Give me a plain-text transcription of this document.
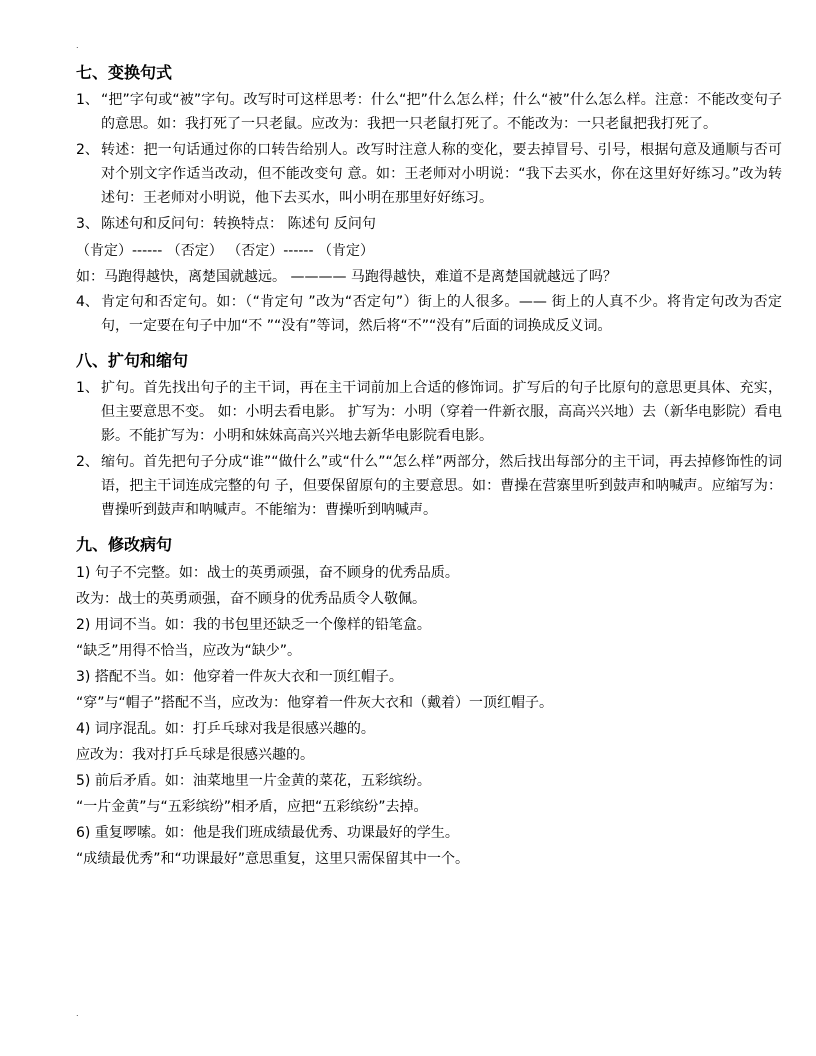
.
七、变换句式
1、 “把”字句或“被”字句。改写时可这样思考：什么“把”什么怎么样；什么“被”什么怎么样。注意：不能改变句子的意思。如：我打死了一只老鼠。应改为：我把一只老鼠打死了。不能改为：一只老鼠把我打死了。
2、 转述：把一句话通过你的口转告给别人。改写时注意人称的变化，要去掉冒号、引号，根据句意及通顺与否可对个别文字作适当改动，但不能改变句 意。如：王老师对小明说：“我下去买水，你在这里好好练习。”改为转述句：王老师对小明说，他下去买水，叫小明在那里好好练习。
3、 陈述句和反问句：转换特点： 陈述句 反问句
（肯定）------ （否定） （否定）------ （肯定）
如：马跑得越快，离楚国就越远。 ———— 马跑得越快，难道不是离楚国就越远了吗？
4、 肯定句和否定句。如：（“肯定句 ”改为“否定句”）街上的人很多。—— 街上的人真不少。将肯定句改为否定句，一定要在句子中加“不 ”“没有”等词，然后将“不”“没有”后面的词换成反义词。
八、扩句和缩句
1、 扩句。首先找出句子的主干词，再在主干词前加上合适的修饰词。扩写后的句子比原句的意思更具体、充实，但主要意思不变。 如：小明去看电影。 扩写为：小明（穿着一件新衣服，高高兴兴地）去（新华电影院）看电影。不能扩写为：小明和妹妹高高兴兴地去新华电影院看电影。
2、 缩句。首先把句子分成“谁”“做什么”或“什么”“怎么样”两部分，然后找出每部分的主干词，再去掉修饰性的词语，把主干词连成完整的句 子，但要保留原句的主要意思。如：曹操在营寨里听到鼓声和呐喊声。应缩写为：曹操听到鼓声和呐喊声。不能缩为：曹操听到呐喊声。
九、修改病句
1) 句子不完整。如：战士的英勇顽强，奋不顾身的优秀品质。
改为：战士的英勇顽强，奋不顾身的优秀品质令人敬佩。
2) 用词不当。如：我的书包里还缺乏一个像样的铅笔盒。
“缺乏”用得不恰当，应改为“缺少”。
3) 搭配不当。如：他穿着一件灰大衣和一顶红帽子。
“穿”与“帽子”搭配不当，应改为：他穿着一件灰大衣和（戴着）一顶红帽子。
4) 词序混乱。如：打乒乓球对我是很感兴趣的。
应改为：我对打乒乓球是很感兴趣的。
5) 前后矛盾。如：油菜地里一片金黄的菜花，五彩缤纷。
“一片金黄”与“五彩缤纷”相矛盾，应把“五彩缤纷”去掉。
6) 重复啰嗦。如：他是我们班成绩最优秀、功课最好的学生。
“成绩最优秀”和“功课最好”意思重复，这里只需保留其中一个。
.
